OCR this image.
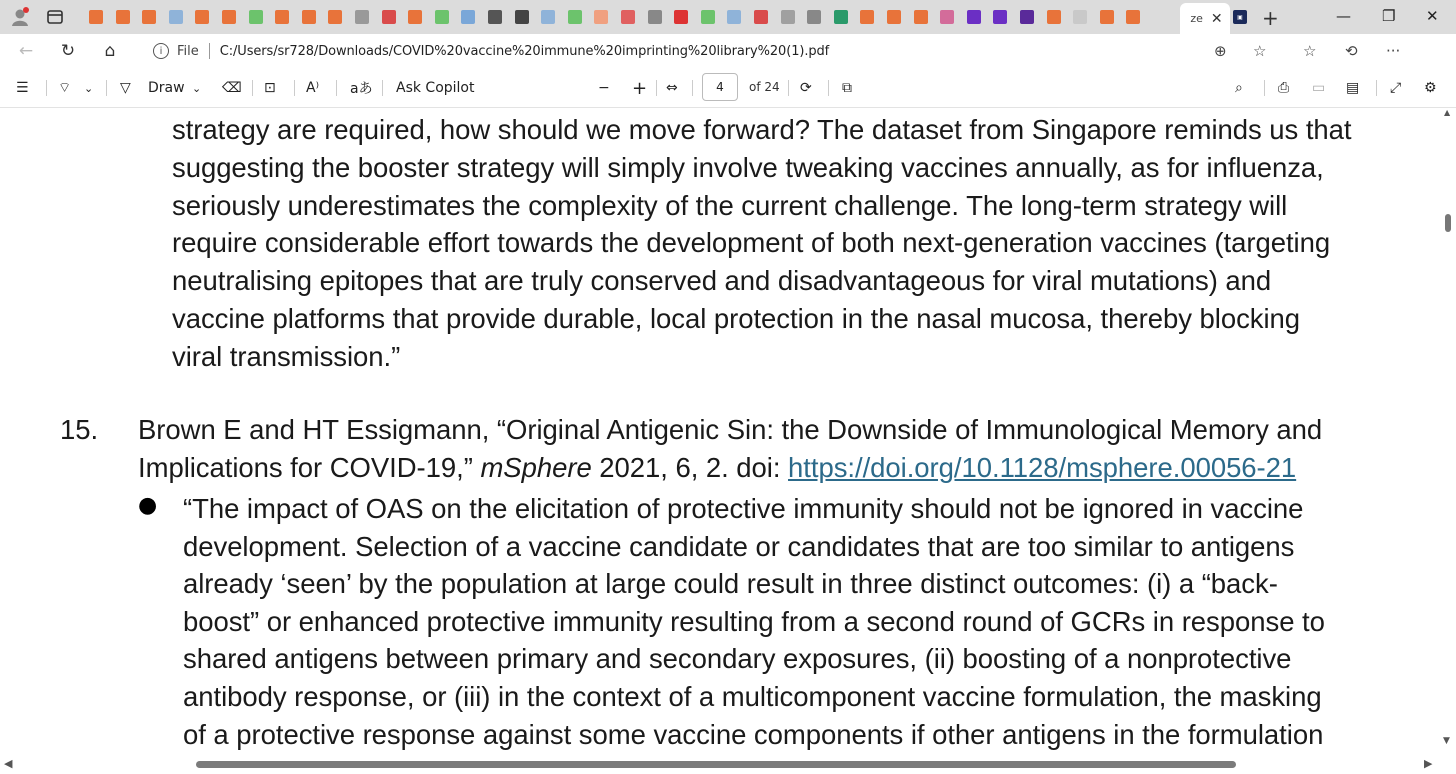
ze ✕	▣ +	— ❐ ✕
← ↻ ⌂	i	File C:/Users/sr728/Downloads/COVID%20vaccine%20immune%20imprinting%20library%20(1).pdf	⊕ ☆ ☆ ⟲ ···
☰ ⌔ ⌄ ▽ Draw ⌄ ⌫ ⊡ A⁾ aあ Ask Copilot	− + ⇔	4	of 24 ⟳ ⧉	⌕	⎙ ▭ ▤ ⤢ ⚙
strategy are required, how should we move forward? The dataset from Singapore reminds us that
suggesting the booster strategy will simply involve tweaking vaccines annually, as for influenza,
seriously underestimates the complexity of the current challenge. The long-term strategy will
require considerable effort towards the development of both next-generation vaccines (targeting
neutralising epitopes that are truly conserved and disadvantageous for viral mutations) and
vaccine platforms that provide durable, local protection in the nasal mucosa, thereby blocking
viral transmission.”
15. Brown E and HT Essigmann, “Original Antigenic Sin: the Downside of Immunological Memory and
Implications for COVID-19,” mSphere 2021, 6, 2. doi: https://doi.org/10.1128/msphere.00056-21
● “The impact of OAS on the elicitation of protective immunity should not be ignored in vaccine
development. Selection of a vaccine candidate or candidates that are too similar to antigens
already ‘seen’ by the population at large could result in three distinct outcomes: (i) a “back-
boost” or enhanced protective immunity resulting from a second round of GCRs in response to
shared antigens between primary and secondary exposures, (ii) boosting of a nonprotective
antibody response, or (iii) in the context of a multicomponent vaccine formulation, the masking
of a protective response against some vaccine components if other antigens in the formulation
▲
▼
◀	▶
